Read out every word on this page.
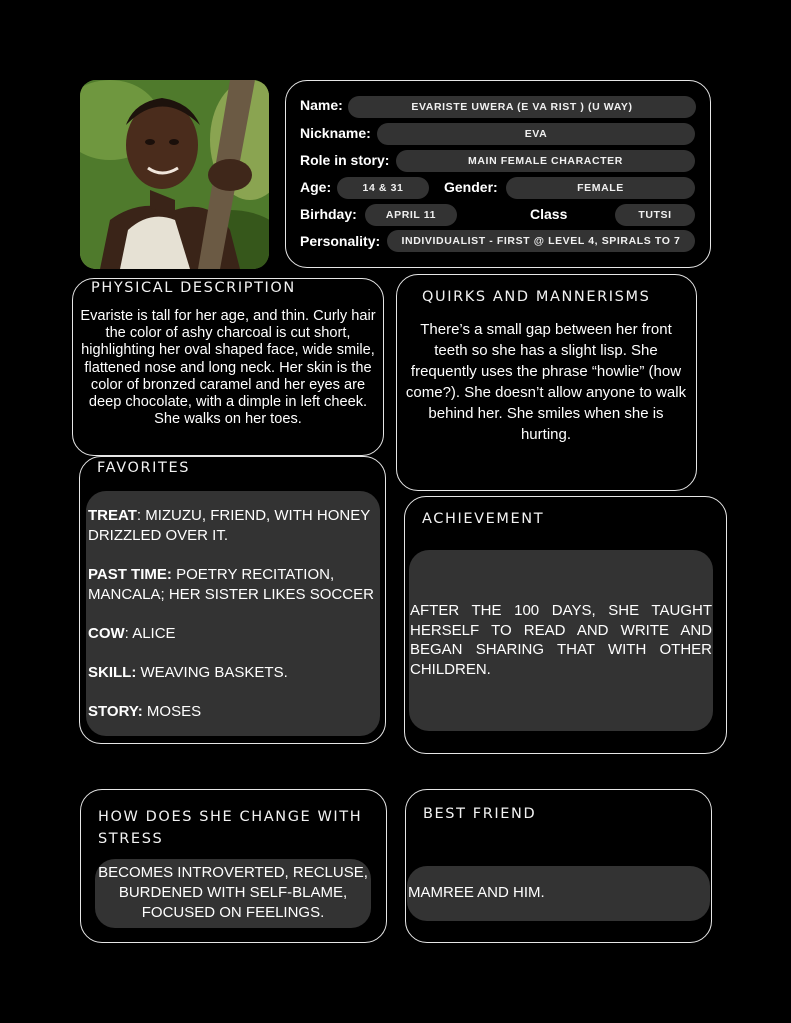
Name:	EVARISTE UWERA (E VA RIST ) (U WAY)
Nickname:	EVA
Role in story:	MAIN FEMALE CHARACTER
Age:	14 & 31	Gender:	FEMALE
Birhday:	APRIL 11	Class	TUTSI
Personality:	INDIVIDUALIST - FIRST @ LEVEL 4, SPIRALS TO 7
PHYSICAL DESCRIPTION
Evariste is tall for her age, and thin. Curly hair the color of ashy charcoal is cut short, highlighting her oval shaped face, wide smile, flattened nose and long neck. Her skin is the color of bronzed caramel and her eyes are deep chocolate, with a dimple in left cheek. She walks on her toes.
QUIRKS AND MANNERISMS
There’s a small gap between her front teeth so she has a slight lisp. She frequently uses the phrase “howlie” (how come?). She doesn’t allow anyone to walk behind her. She smiles when she is hurting.
FAVORITES
TREAT: MIZUZU, FRIEND, WITH HONEY DRIZZLED OVER IT.
PAST TIME: POETRY RECITATION, MANCALA; HER SISTER LIKES SOCCER
COW: ALICE
SKILL: WEAVING BASKETS.
STORY: MOSES
ACHIEVEMENT
AFTER THE 100 DAYS, SHE TAUGHT HERSELF TO READ AND WRITE AND BEGAN SHARING THAT WITH OTHER CHILDREN.
HOW DOES SHE CHANGE WITH STRESS
BECOMES INTROVERTED, RECLUSE, BURDENED WITH SELF-BLAME, FOCUSED ON FEELINGS.
BEST FRIEND
MAMREE AND HIM.
